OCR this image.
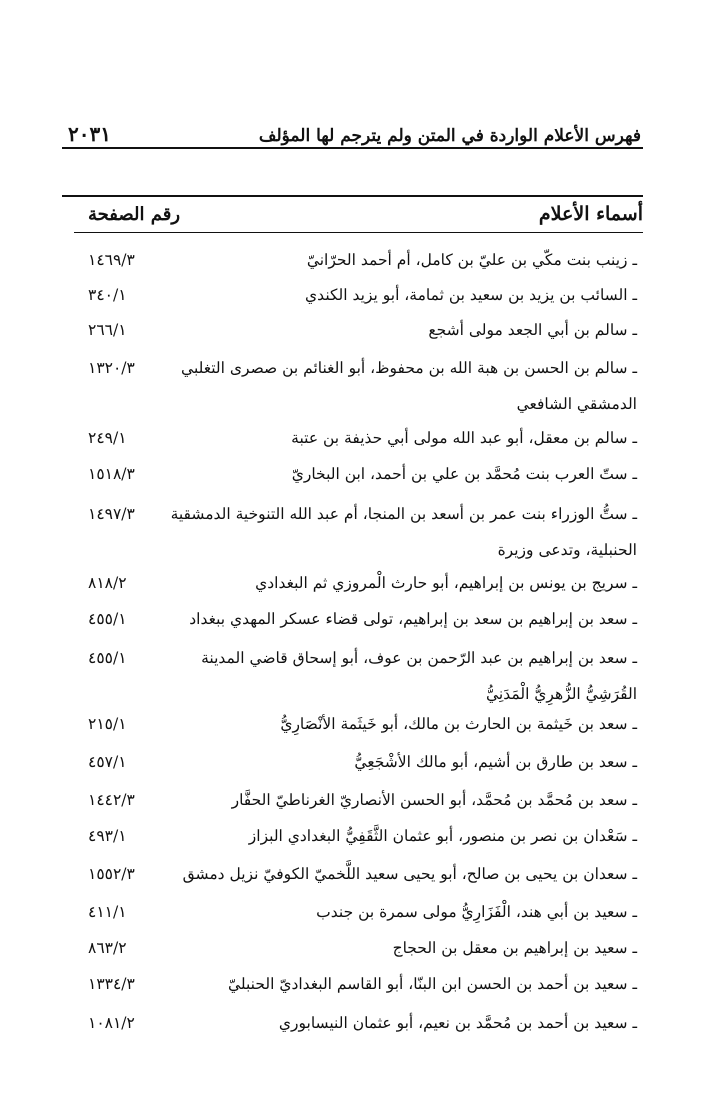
٢٠٣١	فهرس الأعلام الواردة في المتن ولم يترجم لها المؤلف
رقم الصفحة	أسماء الأعلام
١٤٦٩/٣	ـ زينب بنت مكّي بن عليّ بن كامل، أم أحمد الحرّانيّ
٣٤٠/١	ـ السائب بن يزيد بن سعيد بن ثمامة، أبو يزيد الكندي
٢٦٦/١	ـ سالم بن أبي الجعد مولى أشجع
١٣٢٠/٣	ـ سالم بن الحسن بن هبة الله بن محفوظ، أبو الغنائم بن صصرى التغلبي الدمشقي الشافعي
٢٤٩/١	ـ سالم بن معقل، أبو عبد الله مولى أبي حذيفة بن عتبة
١٥١٨/٣	ـ ستّ العرب بنت مُحمَّد بن علي بن أحمد، ابن البخاريّ
١٤٩٧/٣	ـ ستُّ الوزراء بنت عمر بن أسعد بن المنجا، أم عبد الله التنوخية الدمشقية الحنبلية، وتدعى وزيرة
٨١٨/٢	ـ سريج بن يونس بن إبراهيم، أبو حارث الْمروزي ثم البغدادي
٤٥٥/١	ـ سعد بن إبراهيم بن سعد بن إبراهيم، تولى قضاء عسكر المهدي ببغداد
٤٥٥/١	ـ سعد بن إبراهيم بن عبد الرّحمن بن عوف، أبو إسحاق قاضي المدينة القُرَشِيُّ الزُّهرِيُّ الْمَدَنِيُّ
٢١٥/١	ـ سعد بن خَيثمة بن الحارث بن مالك، أبو خَيثَمة الأنْصَارِيُّ
٤٥٧/١	ـ سعد بن طارق بن أشيم، أبو مالك الأشْجَعِيُّ
١٤٤٢/٣	ـ سعد بن مُحمَّد بن مُحمَّد، أبو الحسن الأنصاريّ الغرناطيّ الحفَّار
٤٩٣/١	ـ سَعْدان بن نصر بن منصور، أبو عثمان الثَّقَفِيُّ البغدادي البزاز
١٥٥٢/٣	ـ سعدان بن يحيى بن صالح، أبو يحيى سعيد اللَّخميّ الكوفيّ نزيل دمشق
٤١١/١	ـ سعيد بن أبي هند، الْفَزَارِيُّ مولى سمرة بن جندب
٨٦٣/٢	ـ سعيد بن إبراهيم بن معقل بن الحجاج
١٣٣٤/٣	ـ سعيد بن أحمد بن الحسن ابن البنّا، أبو القاسم البغداديّ الحنبليّ
١٠٨١/٢	ـ سعيد بن أحمد بن مُحمَّد بن نعيم، أبو عثمان النيسابوري
